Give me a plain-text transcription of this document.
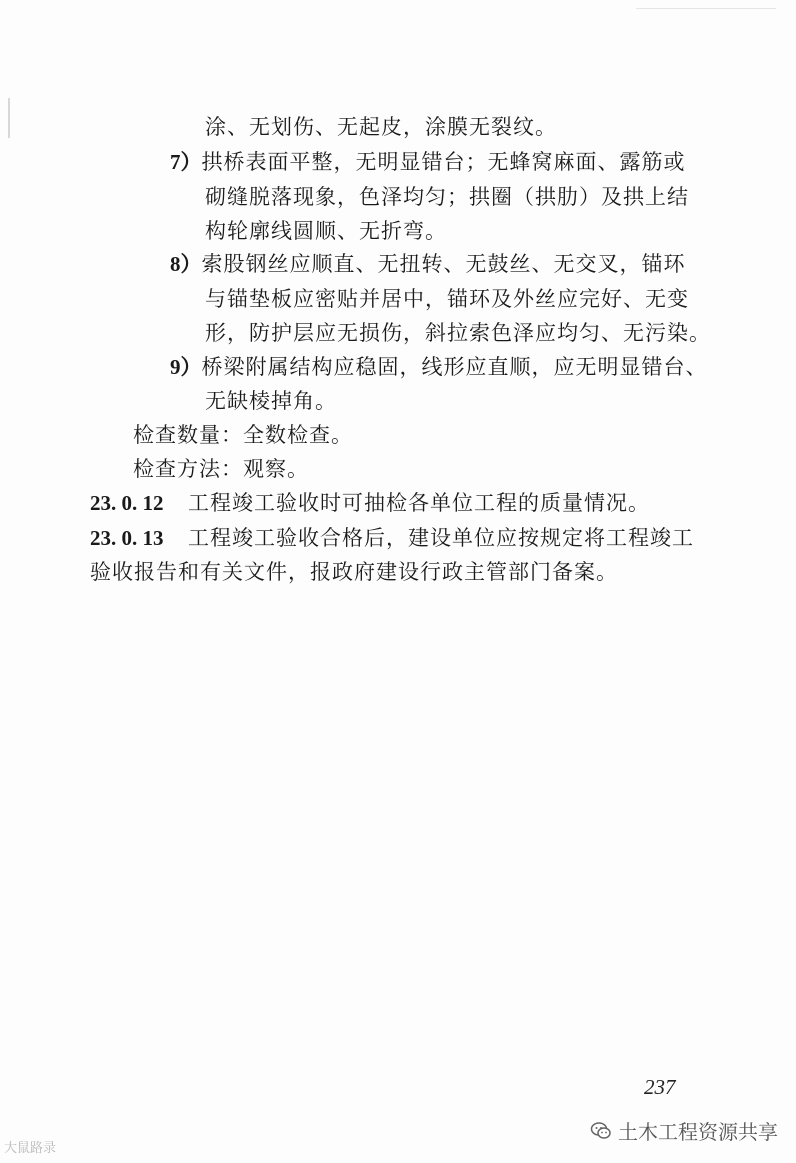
涂、无划伤、无起皮，涂膜无裂纹。
7）拱桥表面平整，无明显错台；无蜂窝麻面、露筋或
砌缝脱落现象，色泽均匀；拱圈（拱肋）及拱上结
构轮廓线圆顺、无折弯。
8）索股钢丝应顺直、无扭转、无鼓丝、无交叉，锚环
与锚垫板应密贴并居中，锚环及外丝应完好、无变
形，防护层应无损伤，斜拉索色泽应均匀、无污染。
9）桥梁附属结构应稳固，线形应直顺，应无明显错台、
无缺棱掉角。
检查数量：全数检查。
检查方法：观察。
23. 0. 12 工程竣工验收时可抽检各单位工程的质量情况。
23. 0. 13 工程竣工验收合格后，建设单位应按规定将工程竣工
验收报告和有关文件，报政府建设行政主管部门备案。
237
大鼠路录
土木工程资源共享
